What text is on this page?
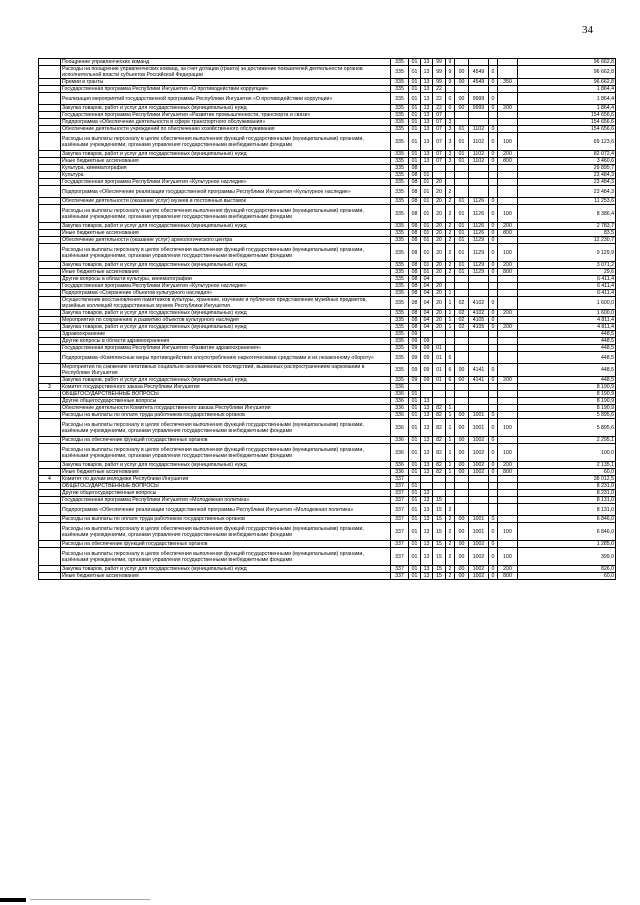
34
	Поощрение управленческих команд	335	01	13	99	9					96 662,8
	Расходы на поощрение управленческих команд, за счет дотации (гранта) за достижение показателей деятельности органов исполнительной власти субъектов Российской Федерации	335	01	13	99	9	00	4549	0		96 662,8
	Премии и гранты	335	01	13	99	9	00	4549	0	350	96 662,8
	Государственная программа Республики Ингушетия «О противодействии коррупции»	335	01	13	22						1 864,4
	Реализация мероприятий государственной программы Республики Ингушетия «О противодействии коррупции»	335	01	13	22	0	00	9999	0		1 864,4
	Закупка товаров, работ и услуг для государственных (муниципальных) нужд	335	01	13	22	0	00	9999	0	200	1 864,4
	Государственная программа Республики Ингушетия «Развитие промышленности, транспорта и связи»	335	01	13	07						154 656,6
	Подпрограмма «Обеспечение деятельности в сфере транспортного обслуживания»	335	01	13	07	3					154 656,6
	Обеспечение деятельности учреждений по обеспечению хозяйственного обслуживания	335	01	13	07	3	01	1102	0		154 656,6
	Расходы на выплаты персоналу в целях обеспечения выполнения функций государственными (муниципальными) органами, казёнными учреждениями, органами управления государственными внебюджетными фондами	335	01	13	07	3	01	1102	0	100	69 123,6
	Закупка товаров, работ и услуг для государственных (муниципальных) нужд	335	01	13	07	3	01	1102	0	200	82 072,4
	Иные бюджетные ассигнования	335	01	13	07	3	01	1102	0	800	3 460,6
	Культура, кинематография	335	08								29 895,7
	Культура	335	08	01							23 484,3
	Государственная программа Республики Ингушетия «Культурное наследие»	335	08	01	20						23 484,3
	Подпрограмма «Обеспечение реализации государственной программы Республики Ингушетия «Культурное наследие»	335	08	01	20	2					23 484,3
	Обеспечение деятельности (оказание услуг) музеев и постоянных выставок	335	08	01	20	2	01	1126	0		11 253,6
	Расходы на выплаты персоналу в целях обеспечения выполнения функций государственными (муниципальными) органами, казёнными учреждениями, органами управления государственными внебюджетными фондами	335	08	01	20	2	01	1126	0	100	8 386,4
	Закупка товаров, работ и услуг для государственных (муниципальных) нужд	335	08	01	20	2	01	1126	0	200	2 783,7
	Иные бюджетные ассигнования	335	08	01	20	2	01	1126	0	800	83,5
	Обеспечение деятельности (оказание услуг) археологического центра	335	08	01	20	2	01	1129	0		12 230,7
	Расходы на выплаты персоналу в целях обеспечения выполнения функций государственными (муниципальными) органами, казёнными учреждениями, органами управления государственными внебюджетными фондами	335	08	01	20	2	01	1129	0	100	9 129,9
	Закупка товаров, работ и услуг для государственных (муниципальных) нужд	335	08	01	20	2	01	1129	0	200	3 071,2
	Иные бюджетные ассигнования	335	08	01	20	2	01	1129	0	800	29,6
	Другие вопросы в области культуры, кинематографии	335	08	04							6 411,4
	Государственная программа Республики Ингушетия «Культурное наследие»	335	08	04	20						6 411,4
	Подпрограмма «Сохранение объектов культурного наследия»	335	08	04	20	1					6 411,4
	Осуществление восстановления памятников культуры, хранение, изучение и публичное представление музейных предметов, музейных коллекций государственных музеев Республики Ингушетия	335	08	04	20	1	02	4102	0		1 600,0
	Закупка товаров, работ и услуг для государственных (муниципальных) нужд	335	08	04	20	1	02	4102	0	200	1 600,0
	Мероприятия по сохранению и развитию объектов культурного наследия	335	08	04	20	1	02	4105	0		4 811,4
	Закупка товаров, работ и услуг для государственных (муниципальных) нужд	335	08	04	20	1	02	4105	0	200	4 811,4
	Здравоохранение	335	09								448,5
	Другие вопросы в области здравоохранения	335	09	09							448,5
	Государственная программа Республики Ингушетия «Развитие здравоохранения»	335	09	09	01						448,5
	Подпрограмма «Комплексные меры противодействия злоупотреблению наркотическими средствами и их незаконному обороту»	335	09	09	01	6					448,5
	Мероприятия по снижению негативных социально-экономических последствий, вызванных распространением наркомании в Республике Ингушетия	335	09	09	01	6	00	4141	0		448,5
	Закупка товаров, работ и услуг для государственных (муниципальных) нужд	335	09	09	01	6	00	4141	0	200	448,5
3	Комитет государственного заказа Республики Ингушетия	336									8 190,9
	ОБЩЕГОСУДАРСТВЕННЫЕ ВОПРОСЫ	336	01								8 190,9
	Другие общегосударственные вопросы	336	01	13							8 190,9
	Обеспечение деятельности Комитета государственного заказа Республики Ингушетия	336	01	13	82	1					8 190,9
	Расходы на выплаты по оплате труда работников государственных органов	336	01	13	82	1	00	1001	0		5 895,6
	Расходы на выплаты персоналу в целях обеспечения выполнения функций государственными (муниципальными) органами, казёнными учреждениями, органами управления государственными внебюджетными фондами	336	01	13	82	1	00	1001	0	100	5 895,6
	Расходы на обеспечение функций государственных органов	336	01	13	82	1	00	1002	0		2 295,1
	Расходы на выплаты персоналу в целях обеспечения выполнения функций государственными (муниципальными) органами, казёнными учреждениями, органами управления государственными внебюджетными фондами	336	01	13	82	1	00	1002	0	100	100,0
	Закупка товаров, работ и услуг для государственных (муниципальных) нужд	336	01	13	82	1	00	1002	0	200	2 135,1
	Иные бюджетные ассигнования	336	01	13	82	1	00	1002	0	800	60,0
4	Комитет по делам молодежи Республики Ингушетия	337									38 012,5
	ОБЩЕГОСУДАРСТВЕННЫЕ ВОПРОСЫ	337	01								8 231,0
	Другие общегосударственные вопросы	337	01	13							8 231,0
	Государственная программа Республики Ингушетия «Молодежная политика»	337	01	13	15						8 131,0
	Подпрограмма «Обеспечение реализации государственной программы Республики Ингушетия «Молодежная политика»	337	01	13	15	2					8 131,0
	Расходы на выплаты по оплате труда работников государственных органов	337	01	13	15	2	00	1001	0		6 846,0
	Расходы на выплаты персоналу в целях обеспечения выполнения функций государственными (муниципальными) органами, казёнными учреждениями, органами управления государственными внебюджетными фондами	337	01	13	15	2	00	1001	0	100	6 846,0
	Расходы на обеспечение функций государственных органов	337	01	13	15	2	00	1002	0		1 285,0
	Расходы на выплаты персоналу в целях обеспечения выполнения функций государственными (муниципальными) органами, казёнными учреждениями, органами управления государственными внебюджетными фондами	337	01	13	15	2	00	1002	0	100	399,0
	Закупка товаров, работ и услуг для государственных (муниципальных) нужд	337	01	13	15	2	00	1002	0	200	826,0
	Иные бюджетные ассигнования	337	01	13	15	2	00	1002	0	800	60,0
